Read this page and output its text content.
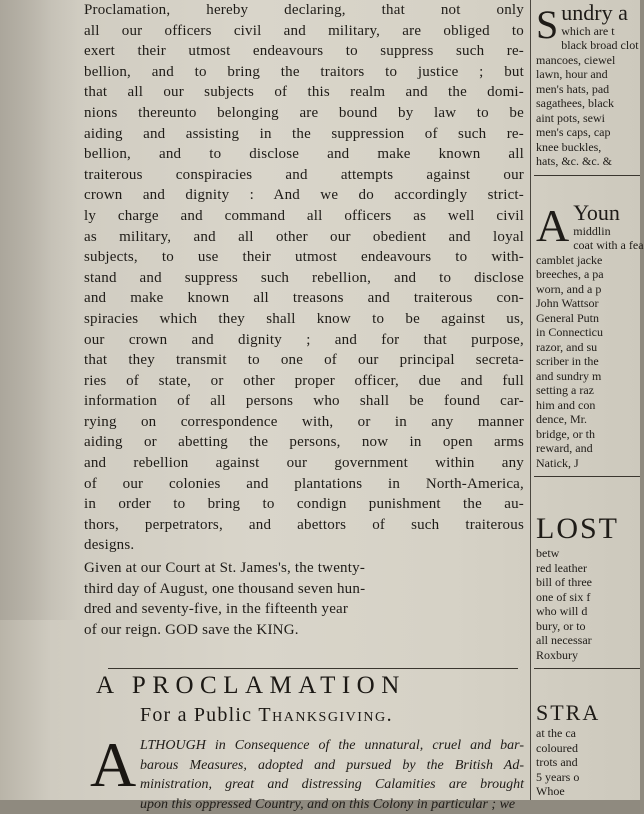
Proclamation, hereby declaring, that not only
all our officers civil and military, are obliged to
exert their utmost endeavours to suppress such re-
bellion, and to bring the traitors to justice ; but
that all our subjects of this realm and the domi-
nions thereunto belonging are bound by law to be
aiding and assisting in the suppression of such re-
bellion, and to disclose and make known all
traiterous conspiracies and attempts against our
crown and dignity : And we do accordingly strict-
ly charge and command all officers as well civil
as military, and all other our obedient and loyal
subjects, to use their utmost endeavours to with-
stand and suppress such rebellion, and to disclose
and make known all treasons and traiterous con-
spiracies which they shall know to be against us,
our crown and dignity ; and for that purpose,
that they transmit to one of our principal secreta-
ries of state, or other proper officer, due and full
information of all persons who shall be found car-
rying on correspondence with, or in any manner
aiding or abetting the persons, now in open arms
and rebellion against our government within any
of our colonies and plantations in North-America,
in order to bring to condign punishment the au-
thors, perpetrators, and abettors of such traiterous
designs.
Given at our Court at St. James's, the twenty-
third day of August, one thousand seven hun-
dred and seventy-five, in the fifteenth year
of our reign. GOD save the KING.
A PROCLAMATION
For a Public Thanksgiving.
A LTHOUGH in Consequence of the unnatural, cruel and bar-
barous Measures, adopted and pursued by the British Ad-
ministration, great and distressing Calamities are brought
upon this oppressed Country, and on this Colony in particular ; we
S undry a
which are t
black broad clot
mancoes, ciewel
lawn, hour and
men's hats, pad
sagathees, black
aint pots, sewi
men's caps, cap
knee buckles,
hats, &c. &c. &
A Youn
middlin
coat with a fea
camblet jacke
breeches, a pa
worn, and a p
John Wattsor
General Putn
in Connecticu
razor, and su
scriber in the
and sundry m
setting a raz
him and con
dence, Mr.
bridge, or th
reward, and
Natick, J
LOST
betw
red leather
bill of three
one of six f
who will d
bury, or to
all necessar
Roxbury
STRA
at the ca
coloured
trots and
5 years o
Whoe
